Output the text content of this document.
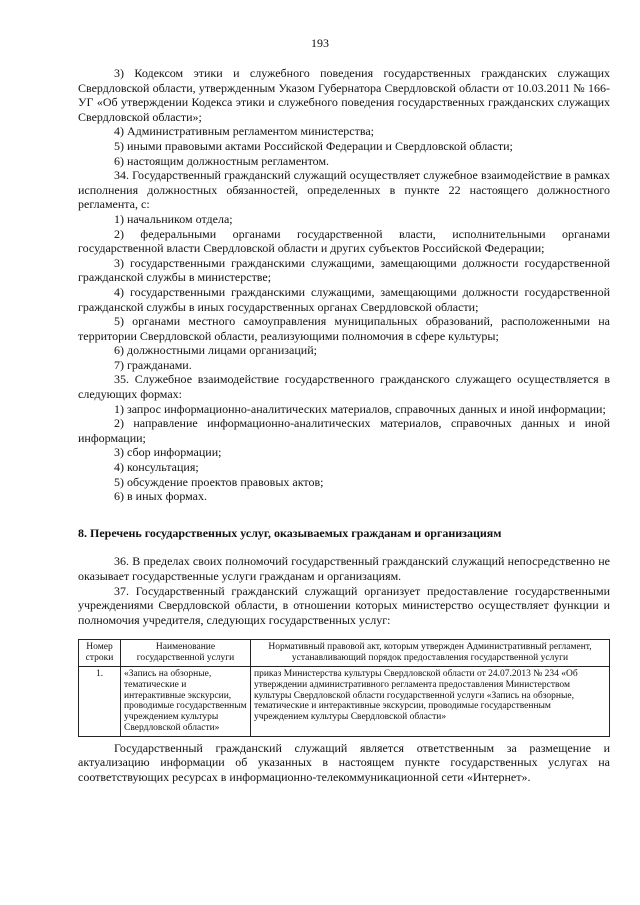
193

3) Кодексом этики и служебного поведения государственных гражданских служащих Свердловской области, утвержденным Указом Губернатора Свердловской области от 10.03.2011 № 166-УГ «Об утверждении Кодекса этики и служебного поведения государственных гражданских служащих Свердловской области»;

4) Административным регламентом министерства;

5) иными правовыми актами Российской Федерации и Свердловской области;

6) настоящим должностным регламентом.

34. Государственный гражданский служащий осуществляет служебное взаимодействие в рамках исполнения должностных обязанностей, определенных в пункте 22 настоящего должностного регламента, с:

1) начальником отдела;

2) федеральными органами государственной власти, исполнительными органами государственной власти Свердловской области и других субъектов Российской Федерации;

3) государственными гражданскими служащими, замещающими должности государственной гражданской службы в министерстве;

4) государственными гражданскими служащими, замещающими должности государственной гражданской службы в иных государственных органах Свердловской области;

5) органами местного самоуправления муниципальных образований, расположенными на территории Свердловской области, реализующими полномочия в сфере культуры;

6) должностными лицами организаций;

7) гражданами.

35. Служебное взаимодействие государственного гражданского служащего осуществляется в следующих формах:

1) запрос информационно-аналитических материалов, справочных данных и иной информации;

2) направление информационно-аналитических материалов, справочных данных и иной информации;

3) сбор информации;

4) консультация;

5) обсуждение проектов правовых актов;

6) в иных формах.

8. Перечень государственных услуг, оказываемых гражданам и организациям

36. В пределах своих полномочий государственный гражданский служащий непосредственно не оказывает государственные услуги гражданам и организациям.

37. Государственный гражданский служащий организует предоставление государственными учреждениями Свердловской области, в отношении которых министерство осуществляет функции и полномочия учредителя, следующих государственных услуг:

Номер строки	Наименование государственной услуги	Нормативный правовой акт, которым утвержден Административный регламент, устанавливающий порядок предоставления государственной услуги
1.	«Запись на обзорные, тематические и интерактивные экскурсии, проводимые государственным учреждением культуры Свердловской области»	приказ Министерства культуры Свердловской области от 24.07.2013 № 234 «Об утверждении административного регламента предоставления Министерством культуры Свердловской области государственной услуги «Запись на обзорные, тематические и интерактивные экскурсии, проводимые государственным учреждением культуры Свердловской области»

Государственный гражданский служащий является ответственным за размещение и актуализацию информации об указанных в настоящем пункте государственных услугах на соответствующих ресурсах в информационно-телекоммуникационной сети «Интернет».
